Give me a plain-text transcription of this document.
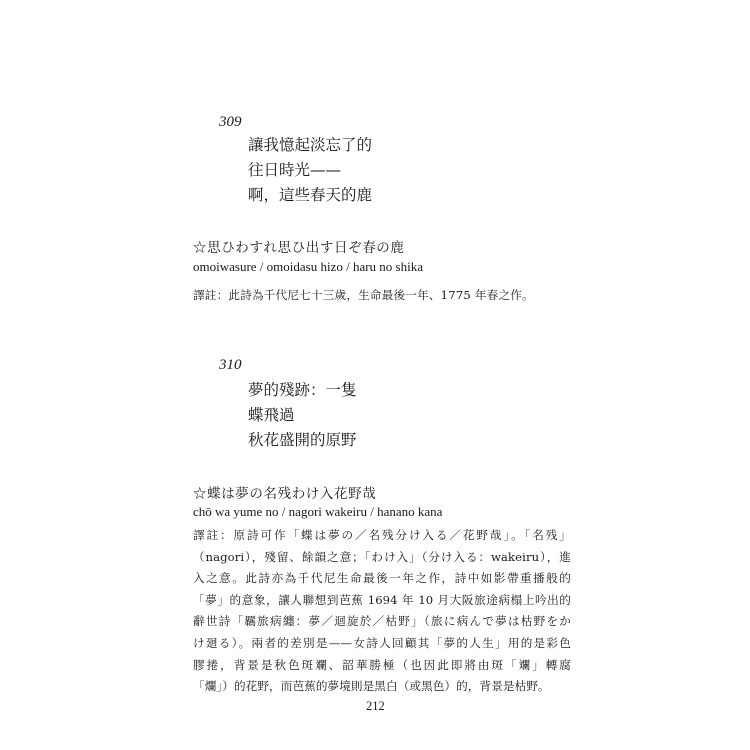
309
讓我憶起淡忘了的
往日時光——
啊，這些春天的鹿
☆思ひわすれ思ひ出す日ぞ春の鹿
omoiwasure / omoidasu hizo / haru no shika
譯註：此詩為千代尼七十三歲，生命最後一年、1775 年春之作。
310
夢的殘跡：一隻
蝶飛過
秋花盛開的原野
☆蝶は夢の名残わけ入花野哉
chō wa yume no / nagori wakeiru / hanano kana
譯註：原詩可作「蝶は夢の／名残分け入る／花野哉」。「名残」
（nagori），殘留、餘韻之意；「わけ入」（分け入る：wakeiru），進
入之意。此詩亦為千代尼生命最後一年之作，詩中如影帶重播般的
「夢」的意象，讓人聯想到芭蕉 1694 年 10 月大阪旅途病榻上吟出的
辭世詩「羈旅病纏：夢／迴旋於／枯野」（旅に病んで夢は枯野をか
け廻る）。兩者的差別是——女詩人回顧其「夢的人生」用的是彩色
膠捲，背景是秋色斑斕、韶華勝極（也因此即將由斑「斕」轉腐
「爛」）的花野，而芭蕉的夢境則是黑白（或黑色）的，背景是枯野。
212
